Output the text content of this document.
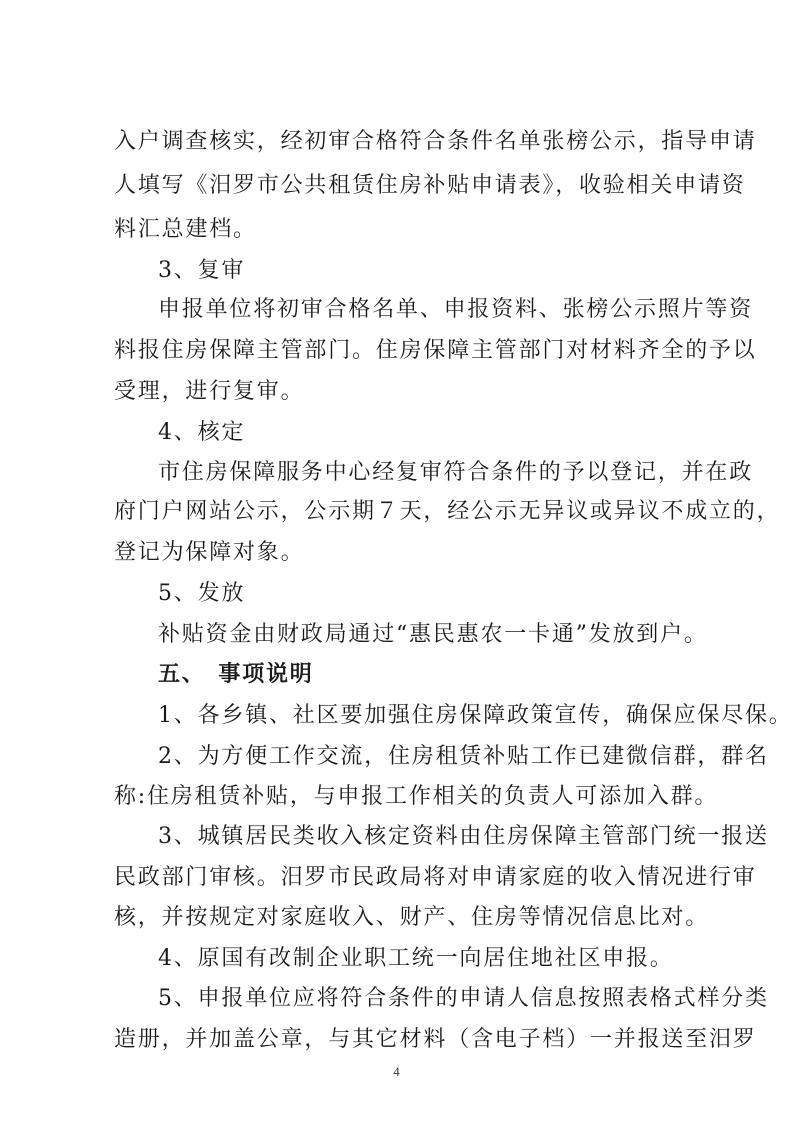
入户调查核实，经初审合格符合条件名单张榜公示，指导申请
人填写《汨罗市公共租赁住房补贴申请表》，收验相关申请资
料汇总建档。
3、复审
申报单位将初审合格名单、申报资料、张榜公示照片等资
料报住房保障主管部门。住房保障主管部门对材料齐全的予以
受理，进行复审。
4、核定
市住房保障服务中心经复审符合条件的予以登记，并在政
府门户网站公示，公示期７天，经公示无异议或异议不成立的，
登记为保障对象。
5、发放
补贴资金由财政局通过“惠民惠农一卡通”发放到户。
五、　事项说明
1、各乡镇、社区要加强住房保障政策宣传，确保应保尽保。
2、为方便工作交流，住房租赁补贴工作已建微信群，群名
称:住房租赁补贴，与申报工作相关的负责人可添加入群。
3、城镇居民类收入核定资料由住房保障主管部门统一报送
民政部门审核。汨罗市民政局将对申请家庭的收入情况进行审
核，并按规定对家庭收入、财产、住房等情况信息比对。
4、原国有改制企业职工统一向居住地社区申报。
5、申报单位应将符合条件的申请人信息按照表格式样分类
造册，并加盖公章，与其它材料（含电子档）一并报送至汨罗
4
